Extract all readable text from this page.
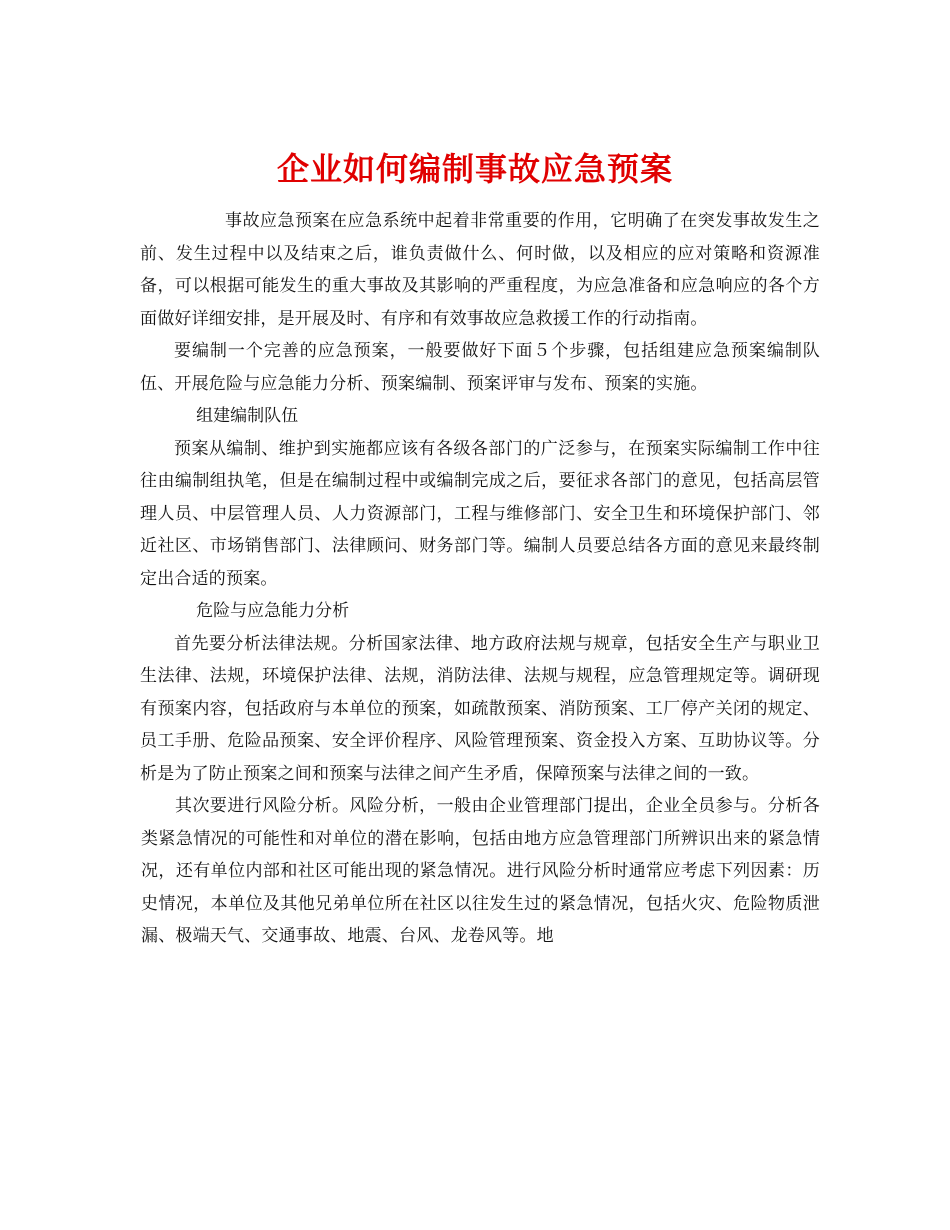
企业如何编制事故应急预案

事故应急预案在应急系统中起着非常重要的作用，它明确了在突发事故发生之前、发生过程中以及结束之后，谁负责做什么、何时做，以及相应的应对策略和资源准备，可以根据可能发生的重大事故及其影响的严重程度，为应急准备和应急响应的各个方面做好详细安排，是开展及时、有序和有效事故应急救援工作的行动指南。

要编制一个完善的应急预案，一般要做好下面５个步骤，包括组建应急预案编制队伍、开展危险与应急能力分析、预案编制、预案评审与发布、预案的实施。

组建编制队伍

预案从编制、维护到实施都应该有各级各部门的广泛参与，在预案实际编制工作中往往由编制组执笔，但是在编制过程中或编制完成之后，要征求各部门的意见，包括高层管理人员、中层管理人员、人力资源部门，工程与维修部门、安全卫生和环境保护部门、邻近社区、市场销售部门、法律顾问、财务部门等。编制人员要总结各方面的意见来最终制定出合适的预案。

危险与应急能力分析

首先要分析法律法规。分析国家法律、地方政府法规与规章，包括安全生产与职业卫生法律、法规，环境保护法律、法规，消防法律、法规与规程，应急管理规定等。调研现有预案内容，包括政府与本单位的预案，如疏散预案、消防预案、工厂停产关闭的规定、员工手册、危险品预案、安全评价程序、风险管理预案、资金投入方案、互助协议等。分析是为了防止预案之间和预案与法律之间产生矛盾，保障预案与法律之间的一致。

其次要进行风险分析。风险分析，一般由企业管理部门提出，企业全员参与。分析各类紧急情况的可能性和对单位的潜在影响，包括由地方应急管理部门所辨识出来的紧急情况，还有单位内部和社区可能出现的紧急情况。进行风险分析时通常应考虑下列因素：历史情况，本单位及其他兄弟单位所在社区以往发生过的紧急情况，包括火灾、危险物质泄漏、极端天气、交通事故、地震、台风、龙卷风等。地
